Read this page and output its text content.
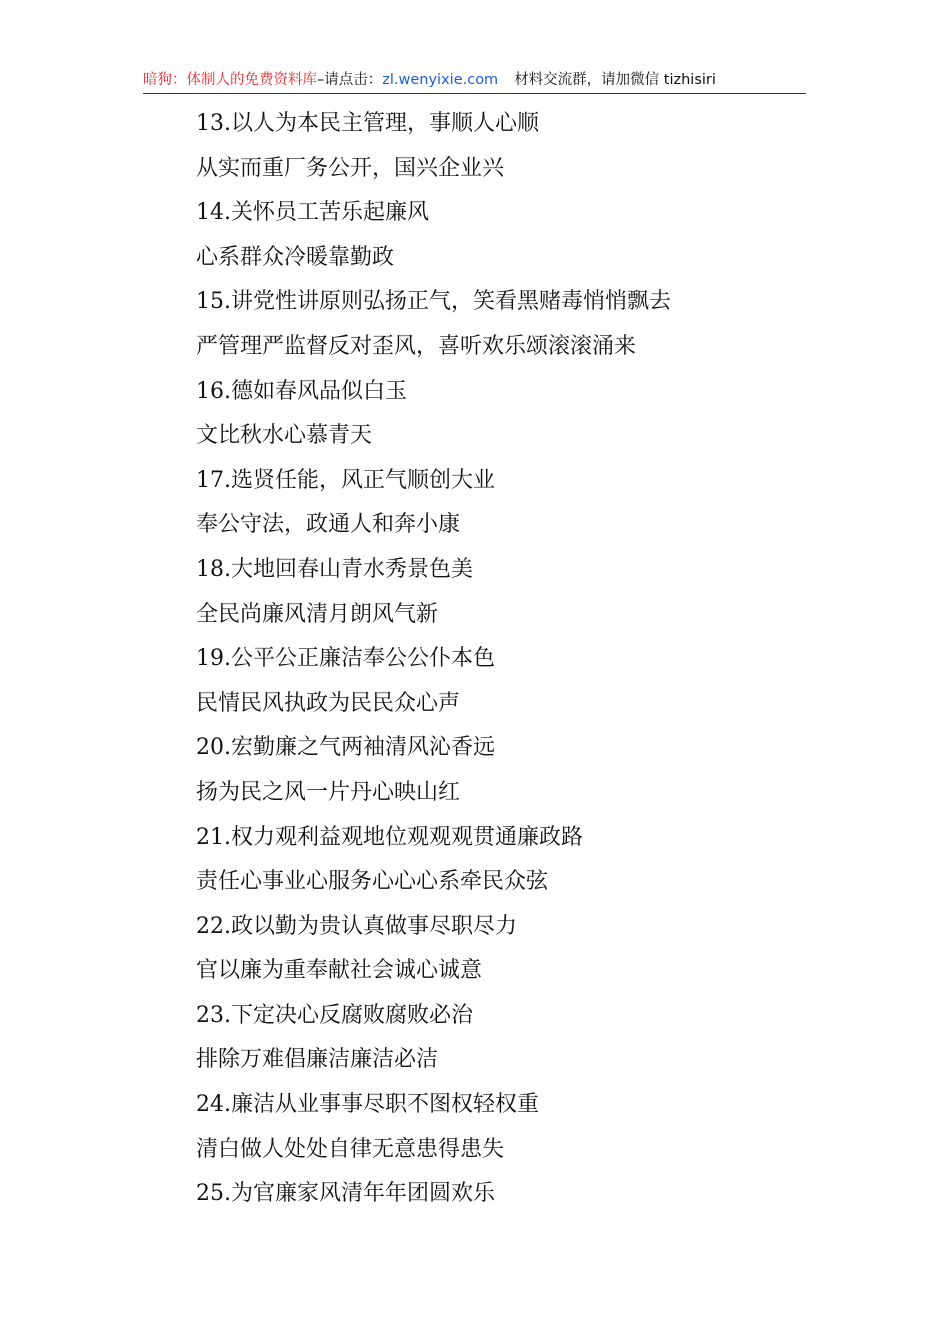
暗狗：体制人的免费资料库–请点击：zl.wenyixie.com 材料交流群，请加微信 tizhisiri
13.以人为本民主管理，事顺人心顺
从实而重厂务公开，国兴企业兴
14.关怀员工苦乐起廉风
心系群众冷暖靠勤政
15.讲党性讲原则弘扬正气，笑看黑赌毒悄悄飘去
严管理严监督反对歪风，喜听欢乐颂滚滚涌来
16.德如春风品似白玉
文比秋水心慕青天
17.选贤任能，风正气顺创大业
奉公守法，政通人和奔小康
18.大地回春山青水秀景色美
全民尚廉风清月朗风气新
19.公平公正廉洁奉公公仆本色
民情民风执政为民民众心声
20.宏勤廉之气两袖清风沁香远
扬为民之风一片丹心映山红
21.权力观利益观地位观观观贯通廉政路
责任心事业心服务心心心系牵民众弦
22.政以勤为贵认真做事尽职尽力
官以廉为重奉献社会诚心诚意
23.下定决心反腐败腐败必治
排除万难倡廉洁廉洁必洁
24.廉洁从业事事尽职不图权轻权重
清白做人处处自律无意患得患失
25.为官廉家风清年年团圆欢乐
